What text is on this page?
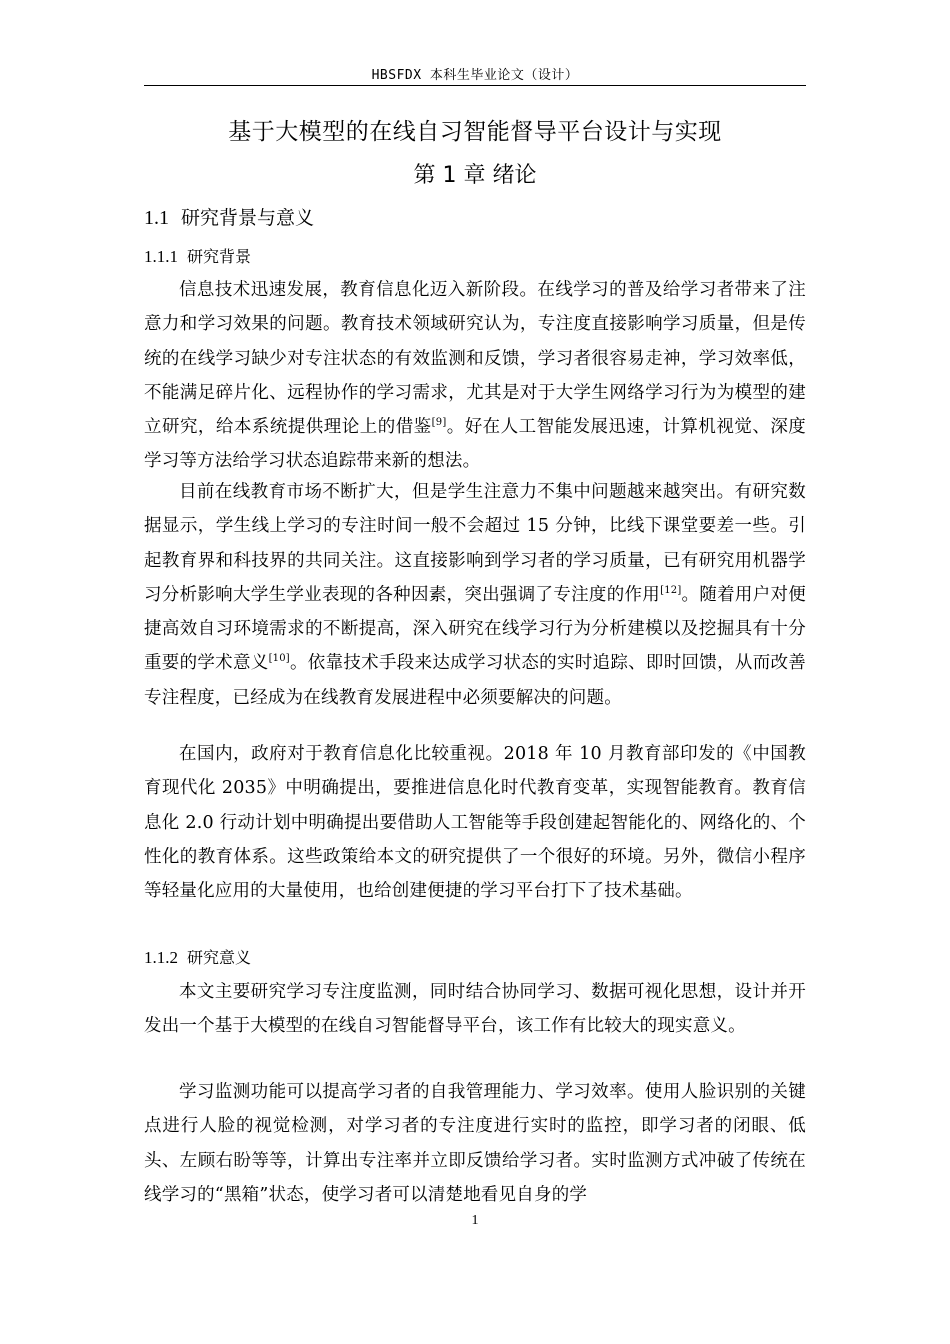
HBSFDX 本科生毕业论文（设计）
基于大模型的在线自习智能督导平台设计与实现
第 1 章 绪论
1.1 研究背景与意义
1.1.1 研究背景

信息技术迅速发展，教育信息化迈入新阶段。在线学习的普及给学习者带来了注意力和学习效果的问题。教育技术领域研究认为，专注度直接影响学习质量，但是传统的在线学习缺少对专注状态的有效监测和反馈，学习者很容易走神，学习效率低，不能满足碎片化、远程协作的学习需求，尤其是对于大学生网络学习行为为模型的建立研究，给本系统提供理论上的借鉴[9]。好在人工智能发展迅速，计算机视觉、深度学习等方法给学习状态追踪带来新的想法。

目前在线教育市场不断扩大，但是学生注意力不集中问题越来越突出。有研究数据显示，学生线上学习的专注时间一般不会超过 15 分钟，比线下课堂要差一些。引起教育界和科技界的共同关注。这直接影响到学习者的学习质量，已有研究用机器学习分析影响大学生学业表现的各种因素，突出强调了专注度的作用[12]。随着用户对便捷高效自习环境需求的不断提高，深入研究在线学习行为分析建模以及挖掘具有十分重要的学术意义[10]。依靠技术手段来达成学习状态的实时追踪、即时回馈，从而改善专注程度，已经成为在线教育发展进程中必须要解决的问题。

在国内，政府对于教育信息化比较重视。2018 年 10 月教育部印发的《中国教育现代化 2035》中明确提出，要推进信息化时代教育变革，实现智能教育。教育信息化 2.0 行动计划中明确提出要借助人工智能等手段创建起智能化的、网络化的、个性化的教育体系。这些政策给本文的研究提供了一个很好的环境。另外，微信小程序等轻量化应用的大量使用，也给创建便捷的学习平台打下了技术基础。

1.1.2 研究意义

本文主要研究学习专注度监测，同时结合协同学习、数据可视化思想，设计并开发出一个基于大模型的在线自习智能督导平台，该工作有比较大的现实意义。

学习监测功能可以提高学习者的自我管理能力、学习效率。使用人脸识别的关键点进行人脸的视觉检测，对学习者的专注度进行实时的监控，即学习者的闭眼、低头、左顾右盼等等，计算出专注率并立即反馈给学习者。实时监测方式冲破了传统在线学习的“黑箱”状态，使学习者可以清楚地看见自身的学

1
